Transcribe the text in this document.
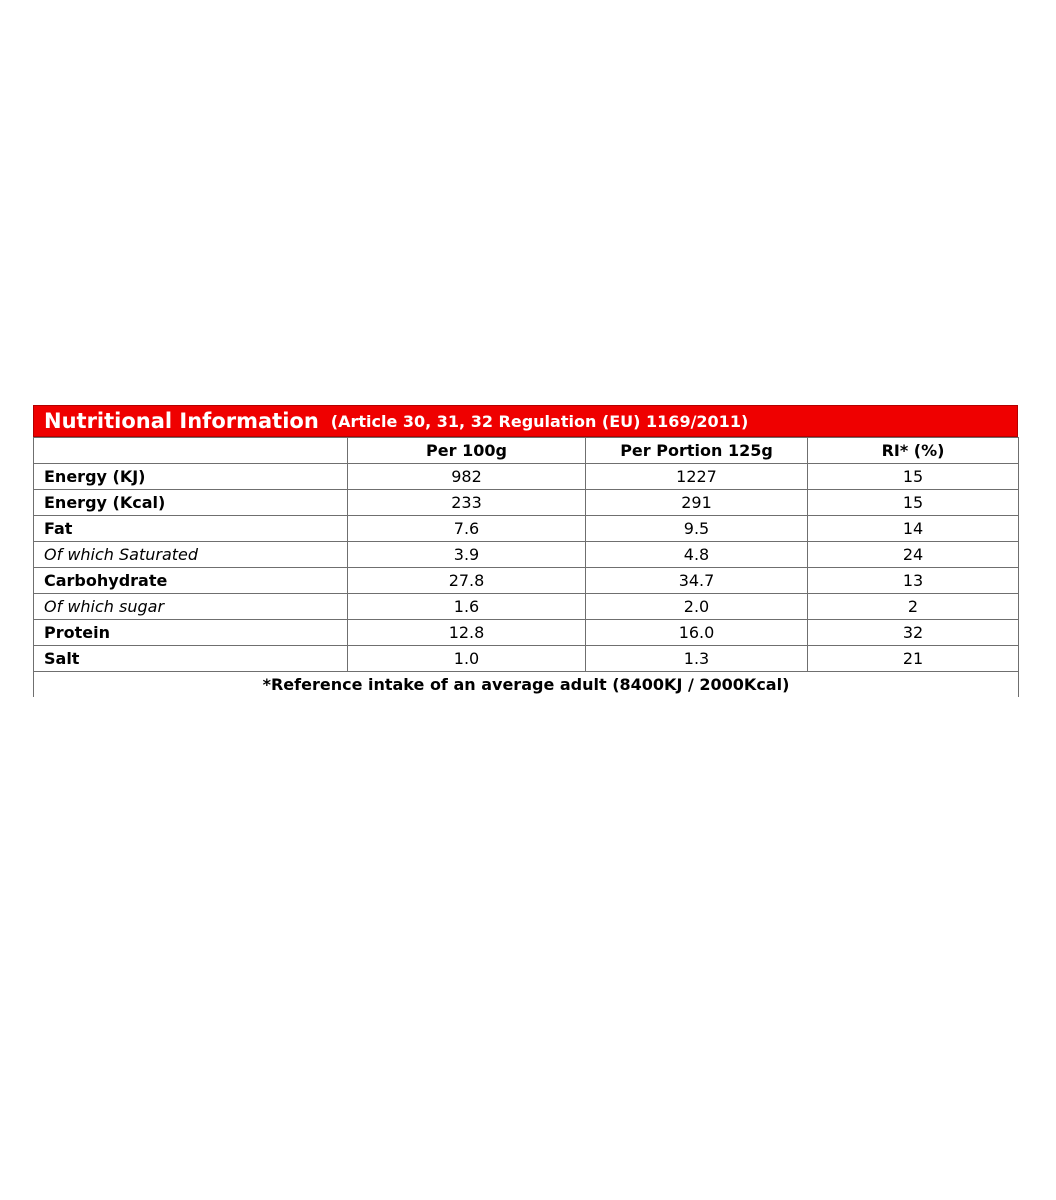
Nutritional Information (Article 30, 31, 32 Regulation (EU) 1169/2011)
	Per 100g	Per Portion 125g	RI* (%)
Energy (KJ)	982	1227	15
Energy (Kcal)	233	291	15
Fat	7.6	9.5	14
Of which Saturated	3.9	4.8	24
Carbohydrate	27.8	34.7	13
Of which sugar	1.6	2.0	2
Protein	12.8	16.0	32
Salt	1.0	1.3	21
*Reference intake of an average adult (8400KJ / 2000Kcal)			
